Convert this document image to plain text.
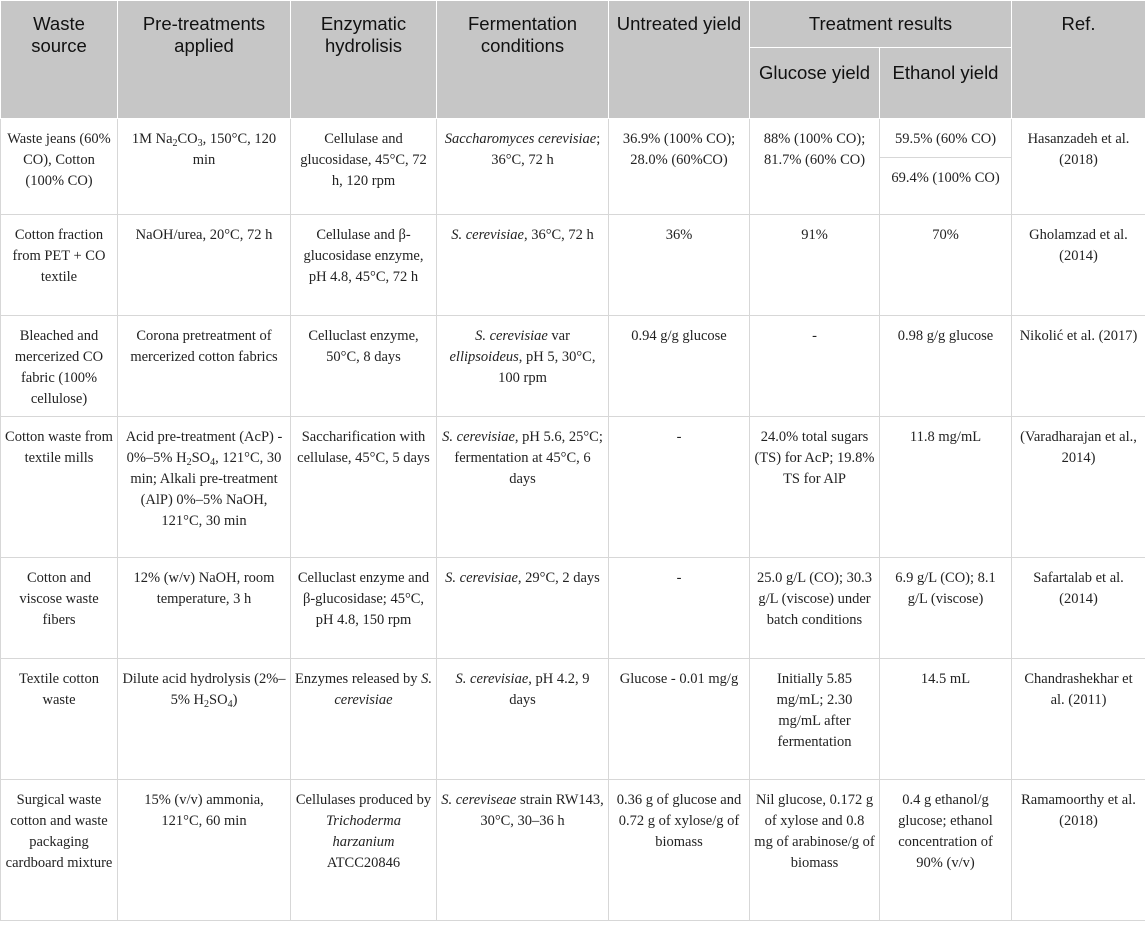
Waste source	Pre-treatments applied	Enzymatic hydrolisis	Fermentation conditions	Untreated yield	Treatment results		Ref.
					Glucose yield	Ethanol yield	
Waste jeans (60% CO), Cotton (100% CO)	1M $Na_2CO_3$, 150°C, 120 min	Cellulase and glucosidase, 45°C, 72 h, 120 rpm	Saccharomyces cerevisiae; 36°C, 72 h	36.9% (100% CO); 28.0% (60%CO)	88% (100% CO); 81.7% (60% CO)	59.5% (60% CO)	Hasanzadeh et al. (2018)
						69.4% (100% CO)	
Cotton fraction from PET + CO textile	NaOH/urea, 20°C, 72 h	Cellulase and β-glucosidase enzyme, pH 4.8, 45°C, 72 h	S. cerevisiae, 36°C, 72 h	36%	91%	70%	Gholamzad et al. (2014)
Bleached and mercerized CO fabric (100% cellulose)	Corona pretreatment of mercerized cotton fabrics	Celluclast enzyme, 50°C, 8 days	S. cerevisiae var ellipsoideus, pH 5, 30°C, 100 rpm	0.94 g/g glucose	-	0.98 g/g glucose	Nikolić et al. (2017)
Cotton waste from textile mills	Acid pre-treatment (AcP) - 0%–5% $H_2SO_4$, 121°C, 30 min; Alkali pre-treatment (AlP) 0%–5% NaOH, 121°C, 30 min	Saccharification with cellulase, 45°C, 5 days	S. cerevisiae, pH 5.6, 25°C; fermentation at 45°C, 6 days	-	24.0% total sugars (TS) for AcP; 19.8% TS for AlP	11.8 mg/mL	(Varadharajan et al., 2014)
Cotton and viscose waste fibers	12% (w/v) NaOH, room temperature, 3 h	Celluclast enzyme and β-glucosidase; 45°C, pH 4.8, 150 rpm	S. cerevisiae, 29°C, 2 days	-	25.0 g/L (CO); 30.3 g/L (viscose) under batch conditions	6.9 g/L (CO); 8.1 g/L (viscose)	Safartalab et al. (2014)
Textile cotton waste	Dilute acid hydrolysis (2%–5% $H_2SO_4$)	Enzymes released by S. cerevisiae	S. cerevisiae, pH 4.2, 9 days	Glucose - 0.01 mg/g	Initially 5.85 mg/mL; 2.30 mg/mL after fermentation	14.5 mL	Chandrashekhar et al. (2011)
Surgical waste cotton and waste packaging cardboard mixture	15% (v/v) ammonia, 121°C, 60 min	Cellulases produced by Trichoderma harzanium ATCC20846	S. cereviseae strain RW143, 30°C, 30–36 h	0.36 g of glucose and 0.72 g of xylose/g of biomass	Nil glucose, 0.172 g of xylose and 0.8 mg of arabinose/g of biomass	0.4 g ethanol/g glucose; ethanol concentration of 90% (v/v)	Ramamoorthy et al. (2018)
